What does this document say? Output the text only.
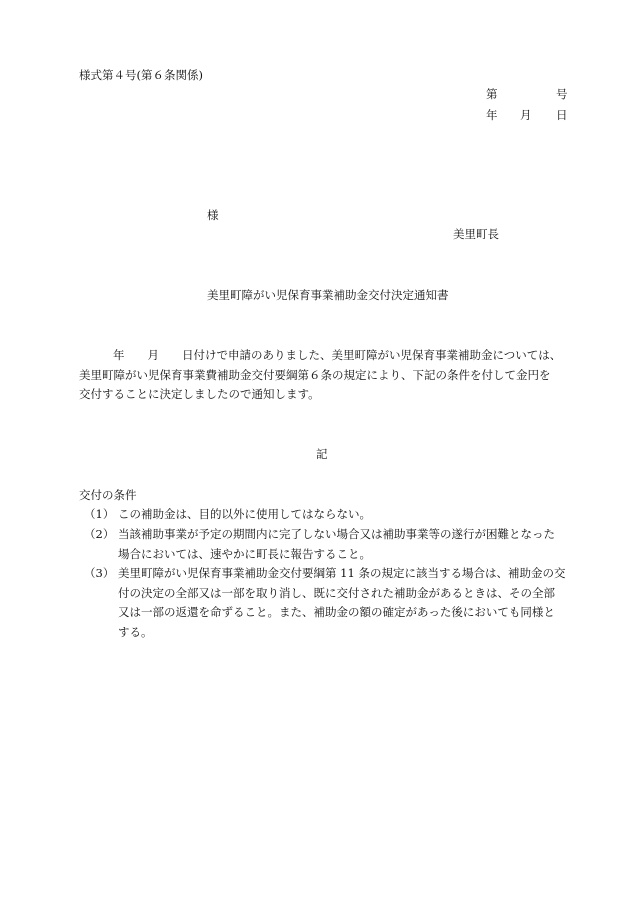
様式第４号(第６条関係)
第	号
年 月 日
様
美里町長
美里町障がい児保育事業補助金交付決定通知書
年　　月　　日付けで申請のありました、美里町障がい児保育事業補助金については、
美里町障がい児保育事業費補助金交付要綱第６条の規定により、下記の条件を付して金円を
交付することに決定しましたので通知します。
記
交付の条件
（1） この補助金は、目的以外に使用してはならない。
（2） 当該補助事業が予定の期間内に完了しない場合又は補助事業等の遂行が困難となった
場合においては、速やかに町長に報告すること。
（3） 美里町障がい児保育事業補助金交付要綱第 11 条の規定に該当する場合は、補助金の交
付の決定の全部又は一部を取り消し、既に交付された補助金があるときは、その全部
又は一部の返還を命ずること。また、補助金の額の確定があった後においても同様と
する。
